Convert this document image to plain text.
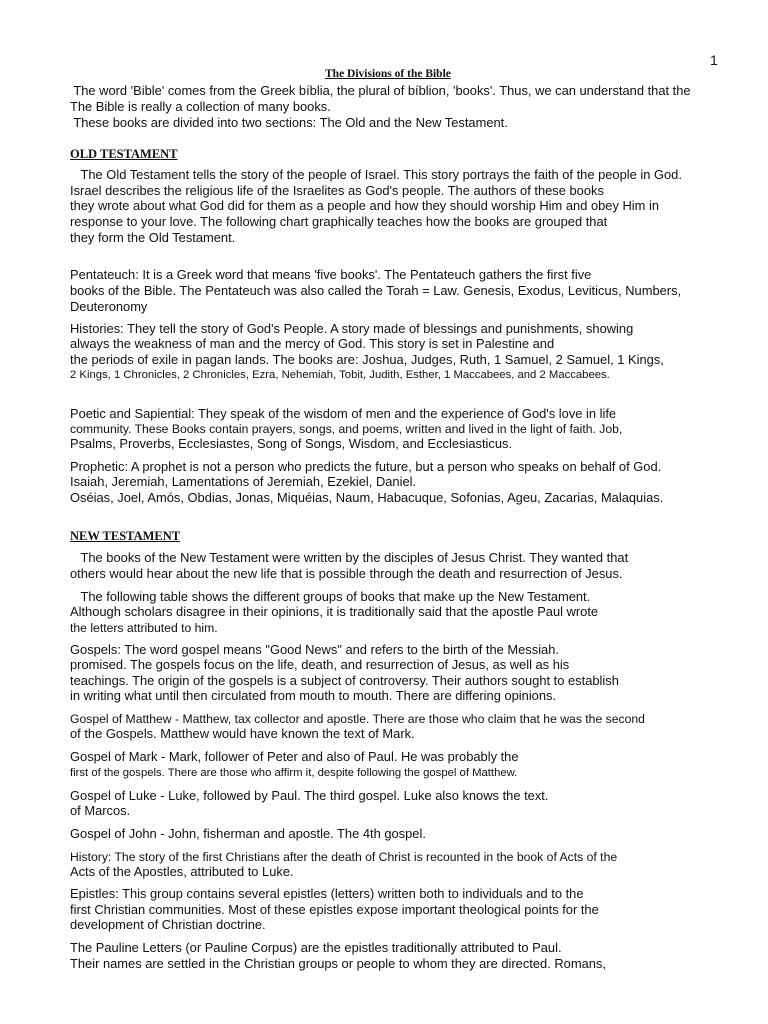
1
The Divisions of the Bible
The word 'Bible' comes from the Greek bíblia, the plural of bíblion, 'books'. Thus, we can understand that the
The Bible is really a collection of many books.
These books are divided into two sections: The Old and the New Testament.
OLD TESTAMENT
The Old Testament tells the story of the people of Israel. This story portrays the faith of the people in God.
Israel describes the religious life of the Israelites as God's people. The authors of these books
they wrote about what God did for them as a people and how they should worship Him and obey Him in
response to your love. The following chart graphically teaches how the books are grouped that
they form the Old Testament.
Pentateuch: It is a Greek word that means 'five books'. The Pentateuch gathers the first five
books of the Bible. The Pentateuch was also called the Torah = Law. Genesis, Exodus, Leviticus, Numbers,
Deuteronomy
Histories: They tell the story of God's People. A story made of blessings and punishments, showing
always the weakness of man and the mercy of God. This story is set in Palestine and
the periods of exile in pagan lands. The books are: Joshua, Judges, Ruth, 1 Samuel, 2 Samuel, 1 Kings,
2 Kings, 1 Chronicles, 2 Chronicles, Ezra, Nehemiah, Tobit, Judith, Esther, 1 Maccabees, and 2 Maccabees.
Poetic and Sapiential: They speak of the wisdom of men and the experience of God's love in life
community. These Books contain prayers, songs, and poems, written and lived in the light of faith. Job,
Psalms, Proverbs, Ecclesiastes, Song of Songs, Wisdom, and Ecclesiasticus.
Prophetic: A prophet is not a person who predicts the future, but a person who speaks on behalf of God.
Isaiah, Jeremiah, Lamentations of Jeremiah, Ezekiel, Daniel.
Oséias, Joel, Amós, Obdias, Jonas, Miquéias, Naum, Habacuque, Sofonias, Ageu, Zacarias, Malaquias.
NEW TESTAMENT
The books of the New Testament were written by the disciples of Jesus Christ. They wanted that
others would hear about the new life that is possible through the death and resurrection of Jesus.
The following table shows the different groups of books that make up the New Testament.
Although scholars disagree in their opinions, it is traditionally said that the apostle Paul wrote
the letters attributed to him.
Gospels: The word gospel means "Good News" and refers to the birth of the Messiah.
promised. The gospels focus on the life, death, and resurrection of Jesus, as well as his
teachings. The origin of the gospels is a subject of controversy. Their authors sought to establish
in writing what until then circulated from mouth to mouth. There are differing opinions.
Gospel of Matthew - Matthew, tax collector and apostle. There are those who claim that he was the second
of the Gospels. Matthew would have known the text of Mark.
Gospel of Mark - Mark, follower of Peter and also of Paul. He was probably the
first of the gospels. There are those who affirm it, despite following the gospel of Matthew.
Gospel of Luke - Luke, followed by Paul. The third gospel. Luke also knows the text.
of Marcos.
Gospel of John - John, fisherman and apostle. The 4th gospel.
History: The story of the first Christians after the death of Christ is recounted in the book of Acts of the
Acts of the Apostles, attributed to Luke.
Epistles: This group contains several epistles (letters) written both to individuals and to the
first Christian communities. Most of these epistles expose important theological points for the
development of Christian doctrine.
The Pauline Letters (or Pauline Corpus) are the epistles traditionally attributed to Paul.
Their names are settled in the Christian groups or people to whom they are directed. Romans,
